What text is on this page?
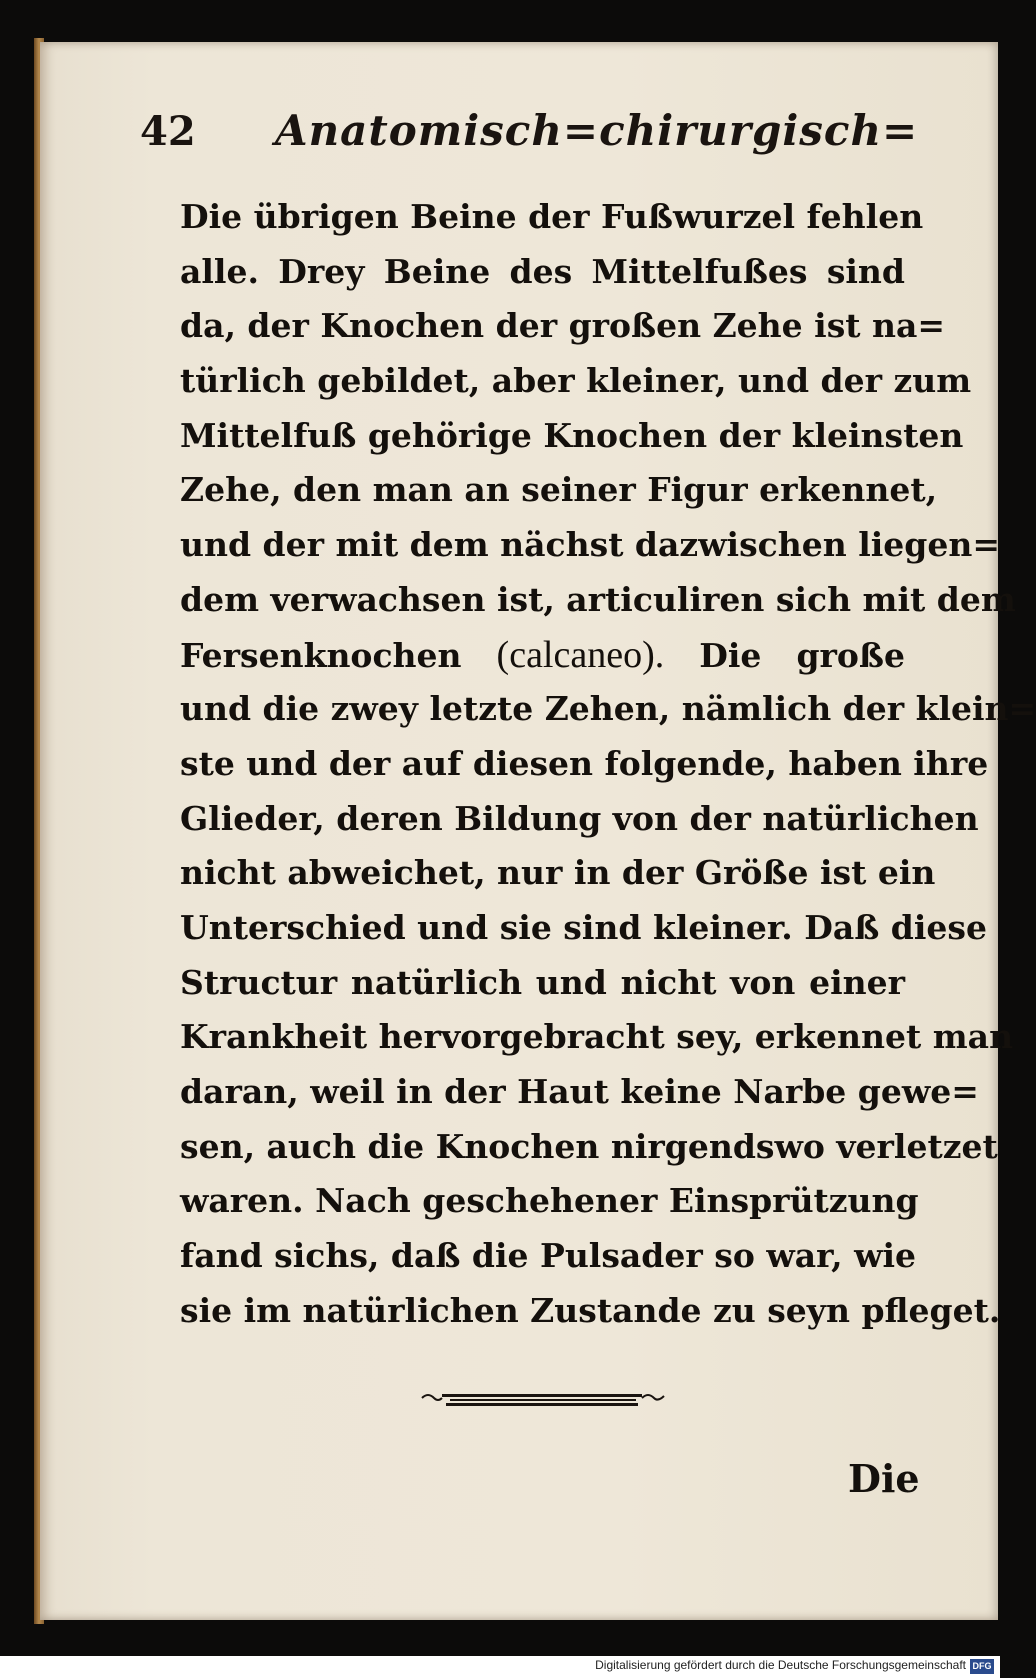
42 Anatomisch=chirurgisch=
Die übrigen Beine der Fußwurzel fehlen
alle. Drey Beine des Mittelfußes sind
da, der Knochen der großen Zehe ist na=
türlich gebildet, aber kleiner, und der zum
Mittelfuß gehörige Knochen der kleinsten
Zehe, den man an seiner Figur erkennet,
und der mit dem nächst dazwischen liegen=
dem verwachsen ist, articuliren sich mit dem
Fersenknochen (calcaneo). Die große
und die zwey letzte Zehen, nämlich der klein=
ste und der auf diesen folgende, haben ihre
Glieder, deren Bildung von der natürlichen
nicht abweichet, nur in der Größe ist ein
Unterschied und sie sind kleiner. Daß diese
Structur natürlich und nicht von einer
Krankheit hervorgebracht sey, erkennet man
daran, weil in der Haut keine Narbe gewe=
sen, auch die Knochen nirgendswo verletzet
waren. Nach geschehener Einsprützung
fand sichs, daß die Pulsader so war, wie
sie im natürlichen Zustande zu seyn pfleget.
Die
Digitalisierung gefördert durch die Deutsche Forschungsgemeinschaft DFG
